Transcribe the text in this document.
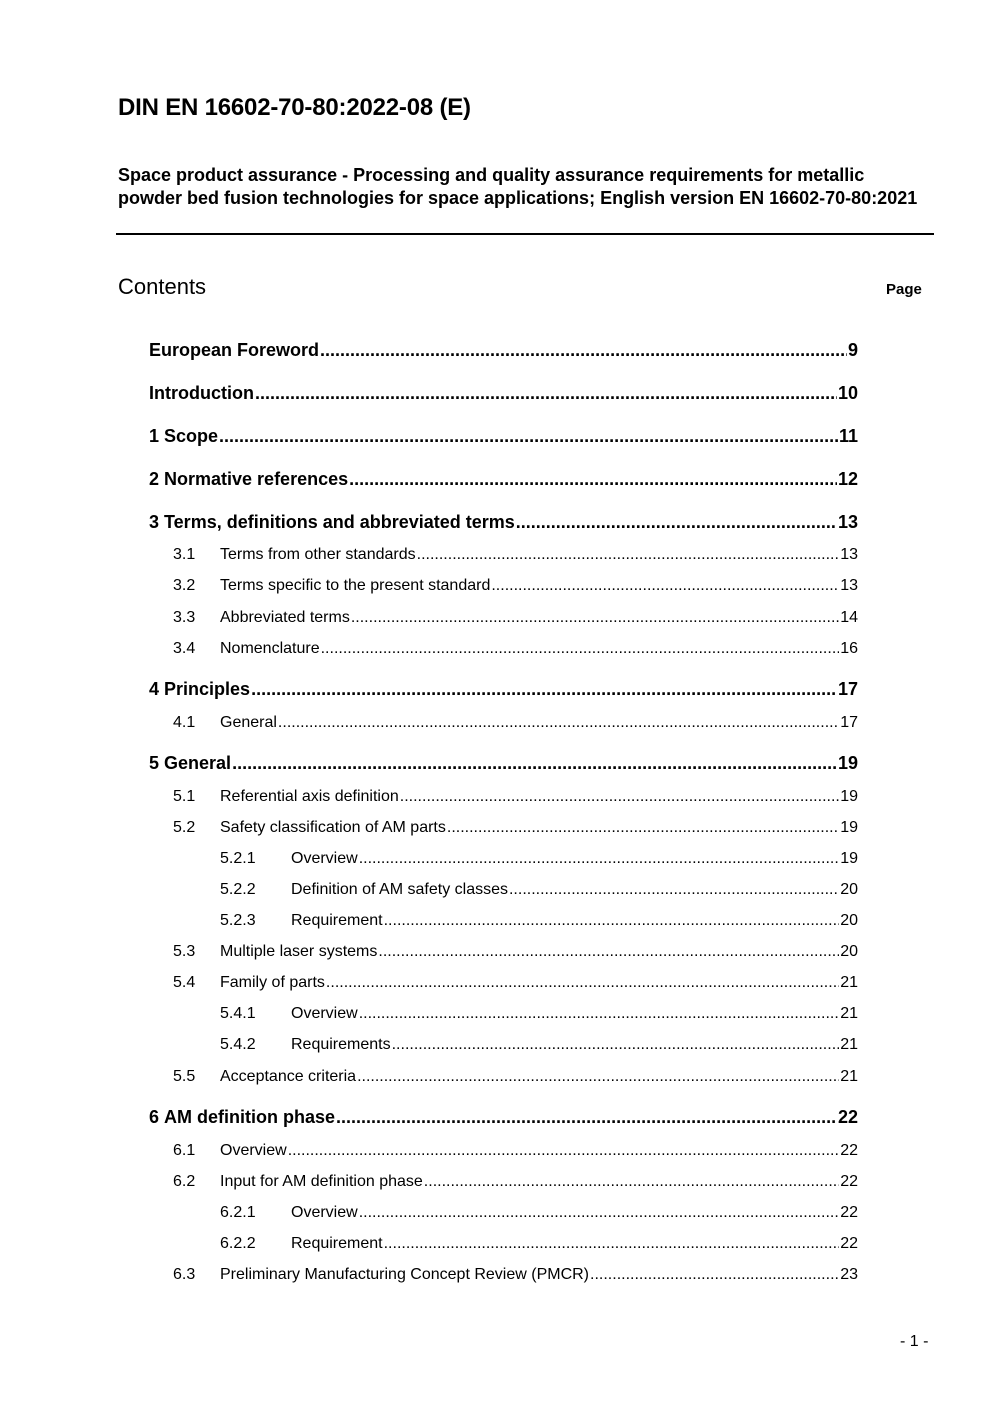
DIN EN 16602-70-80:2022-08 (E)
Space product assurance - Processing and quality assurance requirements for metallic powder bed fusion technologies for space applications; English version EN 16602-70-80:2021
Contents	Page
European Foreword .....	9
Introduction .....	10
1 Scope .....	11
2 Normative references .....	12
3 Terms, definitions and abbreviated terms .....	13
3.1	Terms from other standards .....	13
3.2	Terms specific to the present standard .....	13
3.3	Abbreviated terms .....	14
3.4	Nomenclature .....	16
4 Principles .....	17
4.1	General .....	17
5 General .....	19
5.1	Referential axis definition .....	19
5.2	Safety classification of AM parts .....	19
5.2.1	Overview .....	19
5.2.2	Definition of AM safety classes .....	20
5.2.3	Requirement .....	20
5.3	Multiple laser systems .....	20
5.4	Family of parts .....	21
5.4.1	Overview .....	21
5.4.2	Requirements .....	21
5.5	Acceptance criteria .....	21
6 AM definition phase .....	22
6.1	Overview .....	22
6.2	Input for AM definition phase .....	22
6.2.1	Overview .....	22
6.2.2	Requirement .....	22
6.3	Preliminary Manufacturing Concept Review (PMCR) .....	23
- 1 -
